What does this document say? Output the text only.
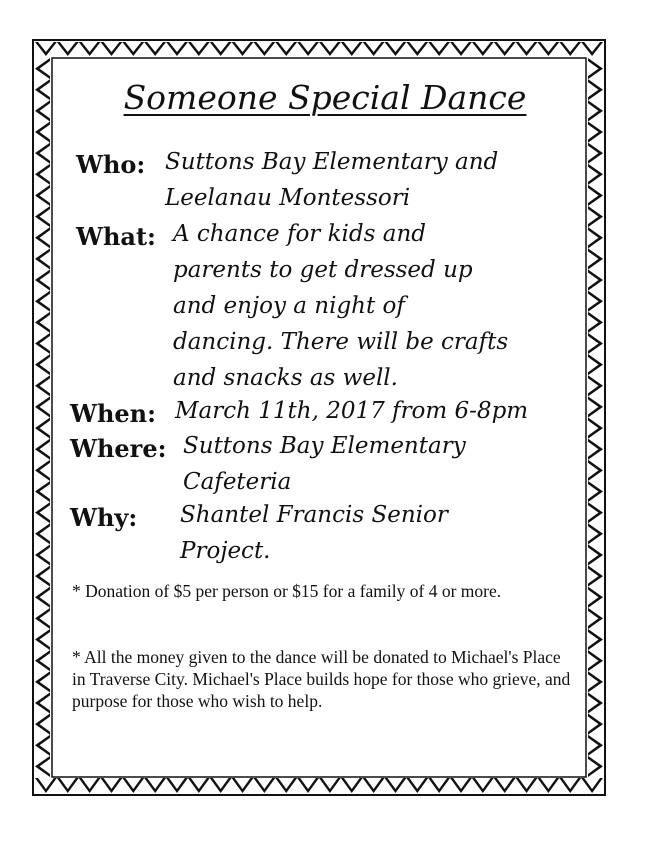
Someone Special Dance
Who: Suttons Bay Elementary and
Leelanau Montessori
What: A chance for kids and
parents to get dressed up
and enjoy a night of
dancing. There will be crafts
and snacks as well.
When: March 11th, 2017 from 6-8pm
Where: Suttons Bay Elementary
Cafeteria
Why: Shantel Francis Senior
Project.
* Donation of $5 per person or $15 for a family of 4 or more.
* All the money given to the dance will be donated to Michael's Place in Traverse City. Michael's Place builds hope for those who grieve, and purpose for those who wish to help.
